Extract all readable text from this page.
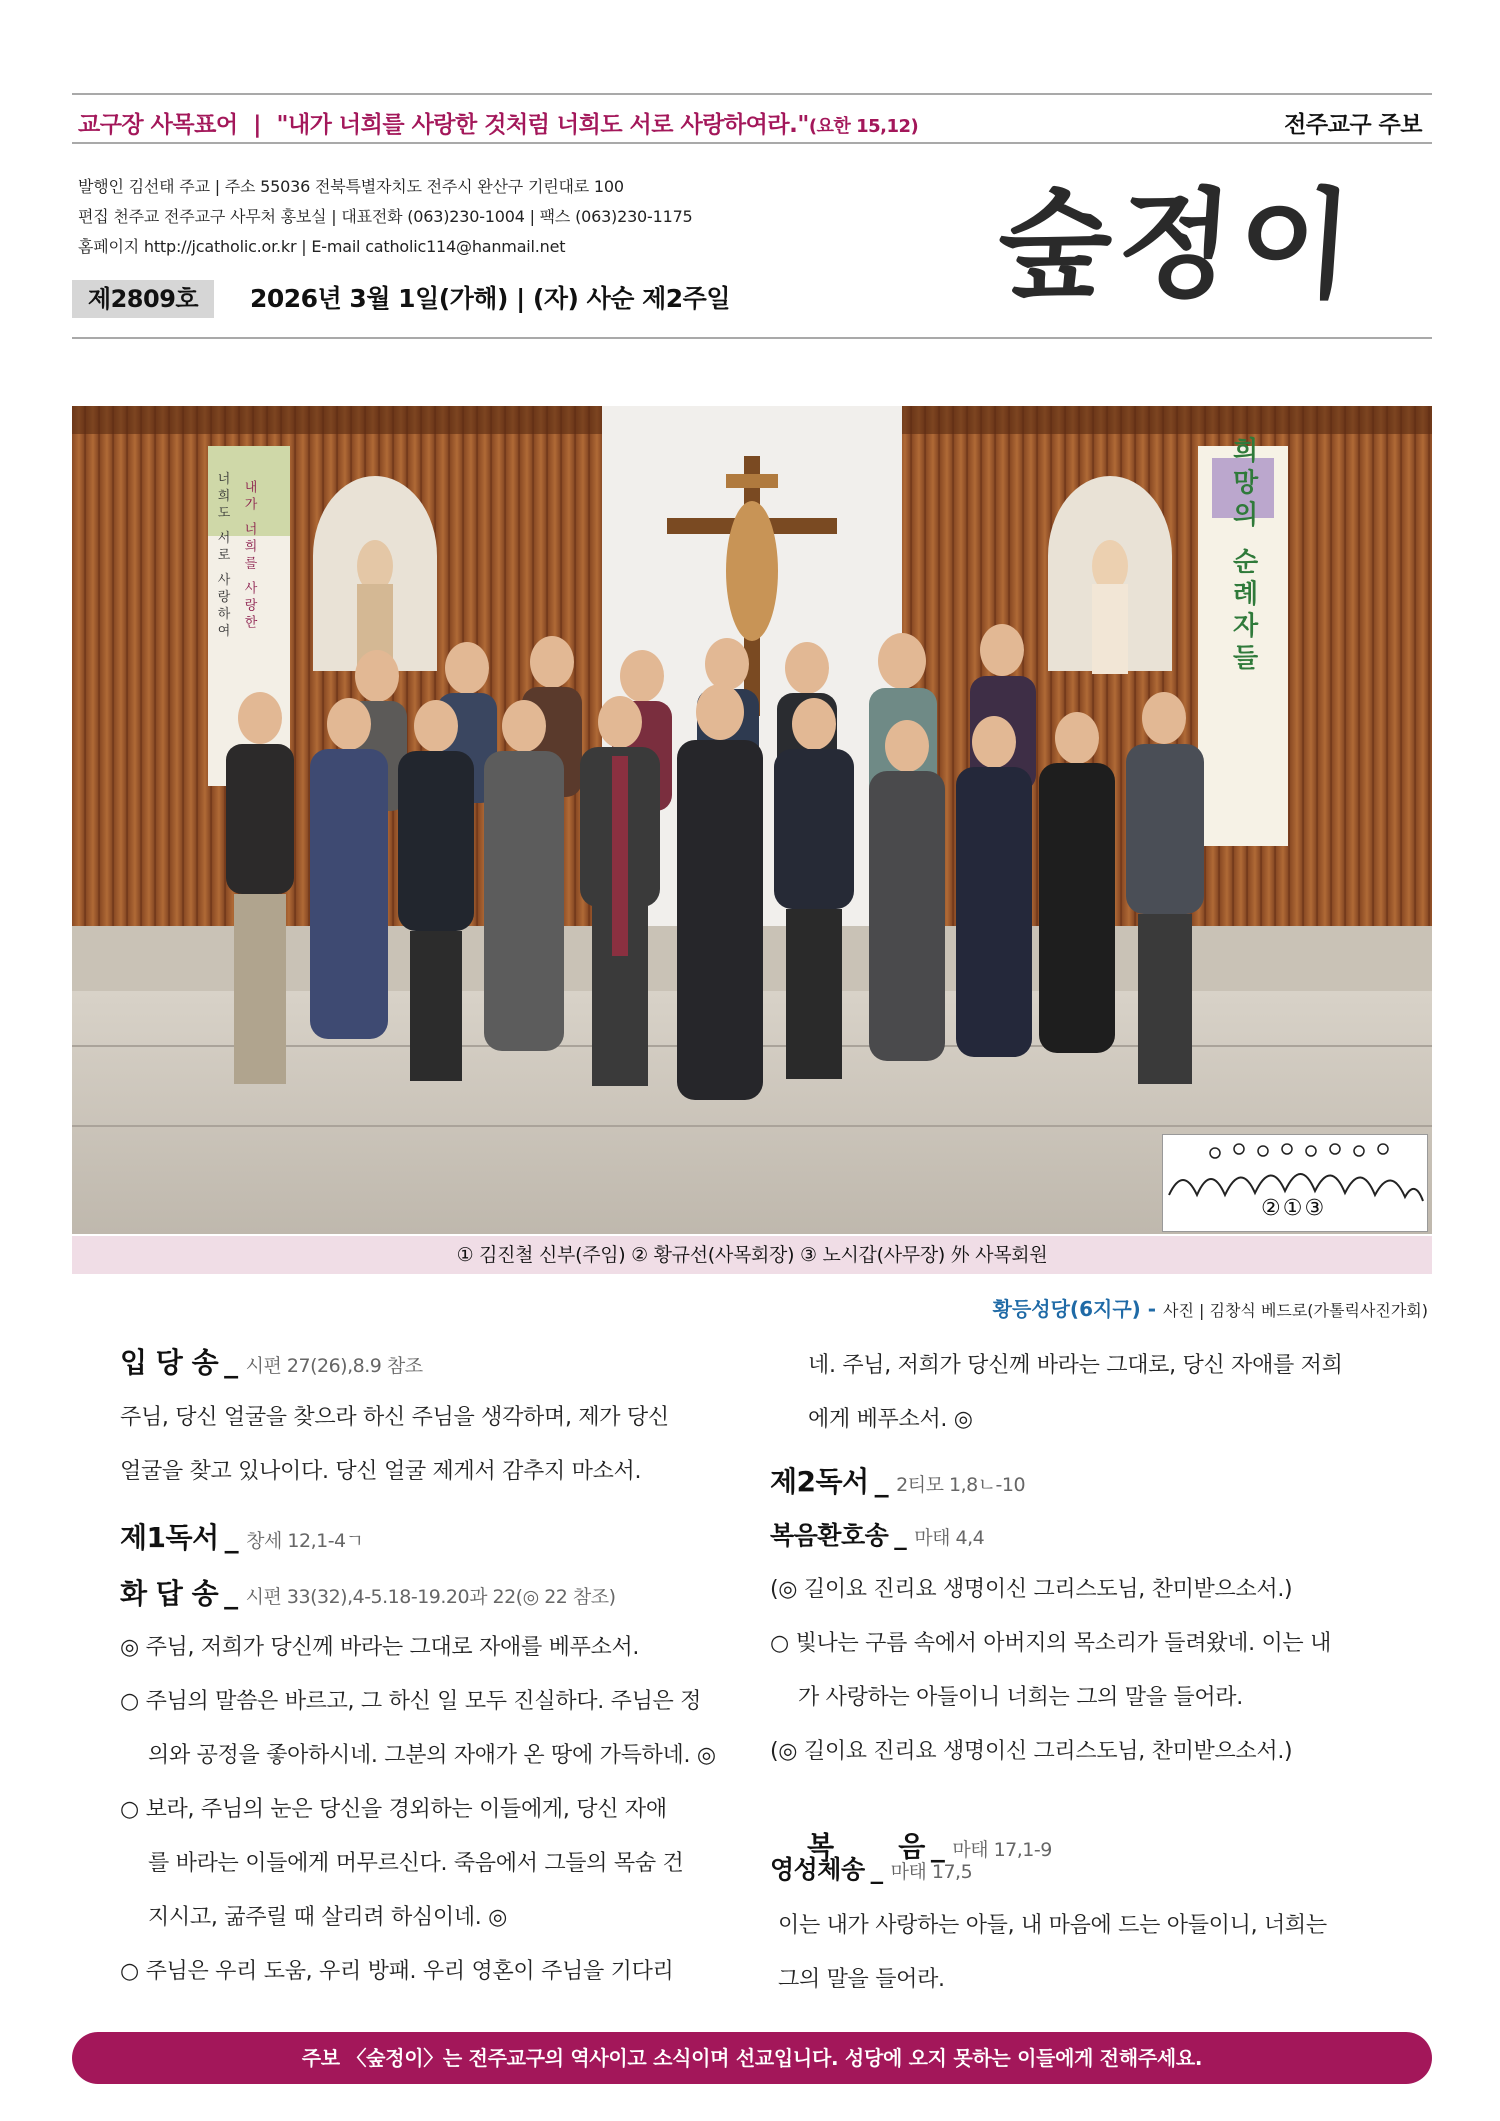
교구장 사목표어 | "내가 너희를 사랑한 것처럼 너희도 서로 사랑하여라."(요한 15,12)	전주교구 주보
발행인 김선태 주교 | 주소 55036 전북특별자치도 전주시 완산구 기린대로 100
편집 천주교 전주교구 사무처 홍보실 | 대표전화 (063)230-1004 | 팩스 (063)230-1175
홈페이지 http://jcatholic.or.kr | E-mail catholic114@hanmail.net	숲정이
제2809호	2026년 3월 1일(가해) | (자) 사순 제2주일
내가 너희를 사랑한
너희도 서로 사랑하여	희망의 순례자들
②①③
① 김진철 신부(주임) ② 황규선(사목회장) ③ 노시갑(사무장) 外 사목회원
황등성당(6지구) - 사진 | 김창식 베드로(가톨릭사진가회)
입 당 송 _ 시편 27(26),8.9 참조
주님, 당신 얼굴을 찾으라 하신 주님을 생각하며, 제가 당신
얼굴을 찾고 있나이다. 당신 얼굴 제게서 감추지 마소서.
제1독서 _ 창세 12,1-4ㄱ
화 답 송 _ 시편 33(32),4-5.18-19.20과 22(◎ 22 참조)
◎ 주님, 저희가 당신께 바라는 그대로 자애를 베푸소서.
○ 주님의 말씀은 바르고, 그 하신 일 모두 진실하다. 주님은 정
의와 공정을 좋아하시네. 그분의 자애가 온 땅에 가득하네. ◎
○ 보라, 주님의 눈은 당신을 경외하는 이들에게, 당신 자애
를 바라는 이들에게 머무르신다. 죽음에서 그들의 목숨 건
지시고, 굶주릴 때 살리려 하심이네. ◎
○ 주님은 우리 도움, 우리 방패. 우리 영혼이 주님을 기다리
네. 주님, 저희가 당신께 바라는 그대로, 당신 자애를 저희
에게 베푸소서. ◎
제2독서 _ 2티모 1,8ㄴ-10
복음환호송 _ 마태 4,4
(◎ 길이요 진리요 생명이신 그리스도님, 찬미받으소서.)
○ 빛나는 구름 속에서 아버지의 목소리가 들려왔네. 이는 내
가 사랑하는 아들이니 너희는 그의 말을 들어라.
(◎ 길이요 진리요 생명이신 그리스도님, 찬미받으소서.)

복       음 _ 마태 17,1-9

영성체송 _ 마태 17,5
이는 내가 사랑하는 아들, 내 마음에 드는 아들이니, 너희는
그의 말을 들어라.
주보 〈숲정이〉는 전주교구의 역사이고 소식이며 선교입니다. 성당에 오지 못하는 이들에게 전해주세요.
